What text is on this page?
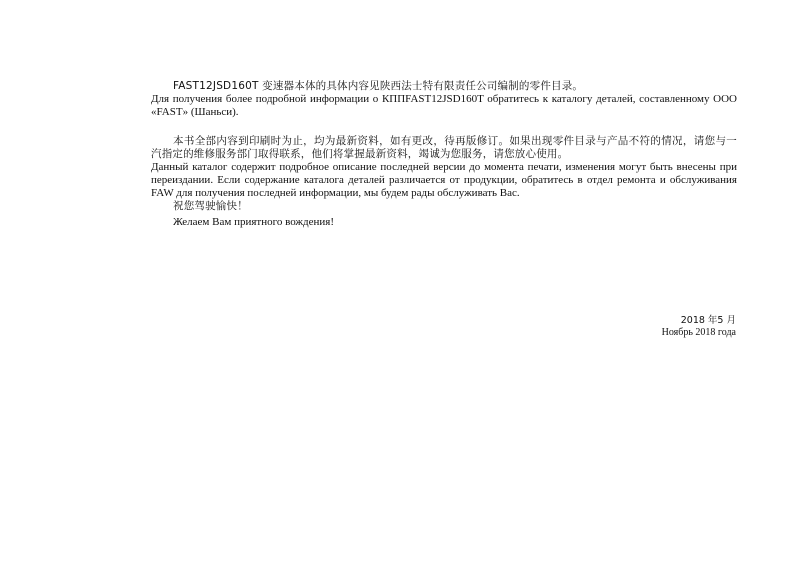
FAST12JSD160T 变速器本体的具体内容见陕西法士特有限责任公司编制的零件目录。

Для получения более подробной информации о КППFAST12JSD160T обратитесь к каталогу деталей, составленному ООО «FAST» (Шаньси).

本书全部内容到印刷时为止，均为最新资料，如有更改，待再版修订。如果出现零件目录与产品不符的情况，请您与一汽指定的维修服务部门取得联系，他们将掌握最新资料，竭诚为您服务，请您放心使用。

Данный каталог содержит подробное описание последней версии до момента печати, изменения могут быть внесены при переиздании. Если содержание каталога деталей различается от продукции, обратитесь в отдел ремонта и обслуживания FAW для получения последней информации, мы будем рады обслуживать Вас.

祝您驾驶愉快！

Желаем Вам приятного вождения!

2018 年5 月
Ноябрь 2018 года
